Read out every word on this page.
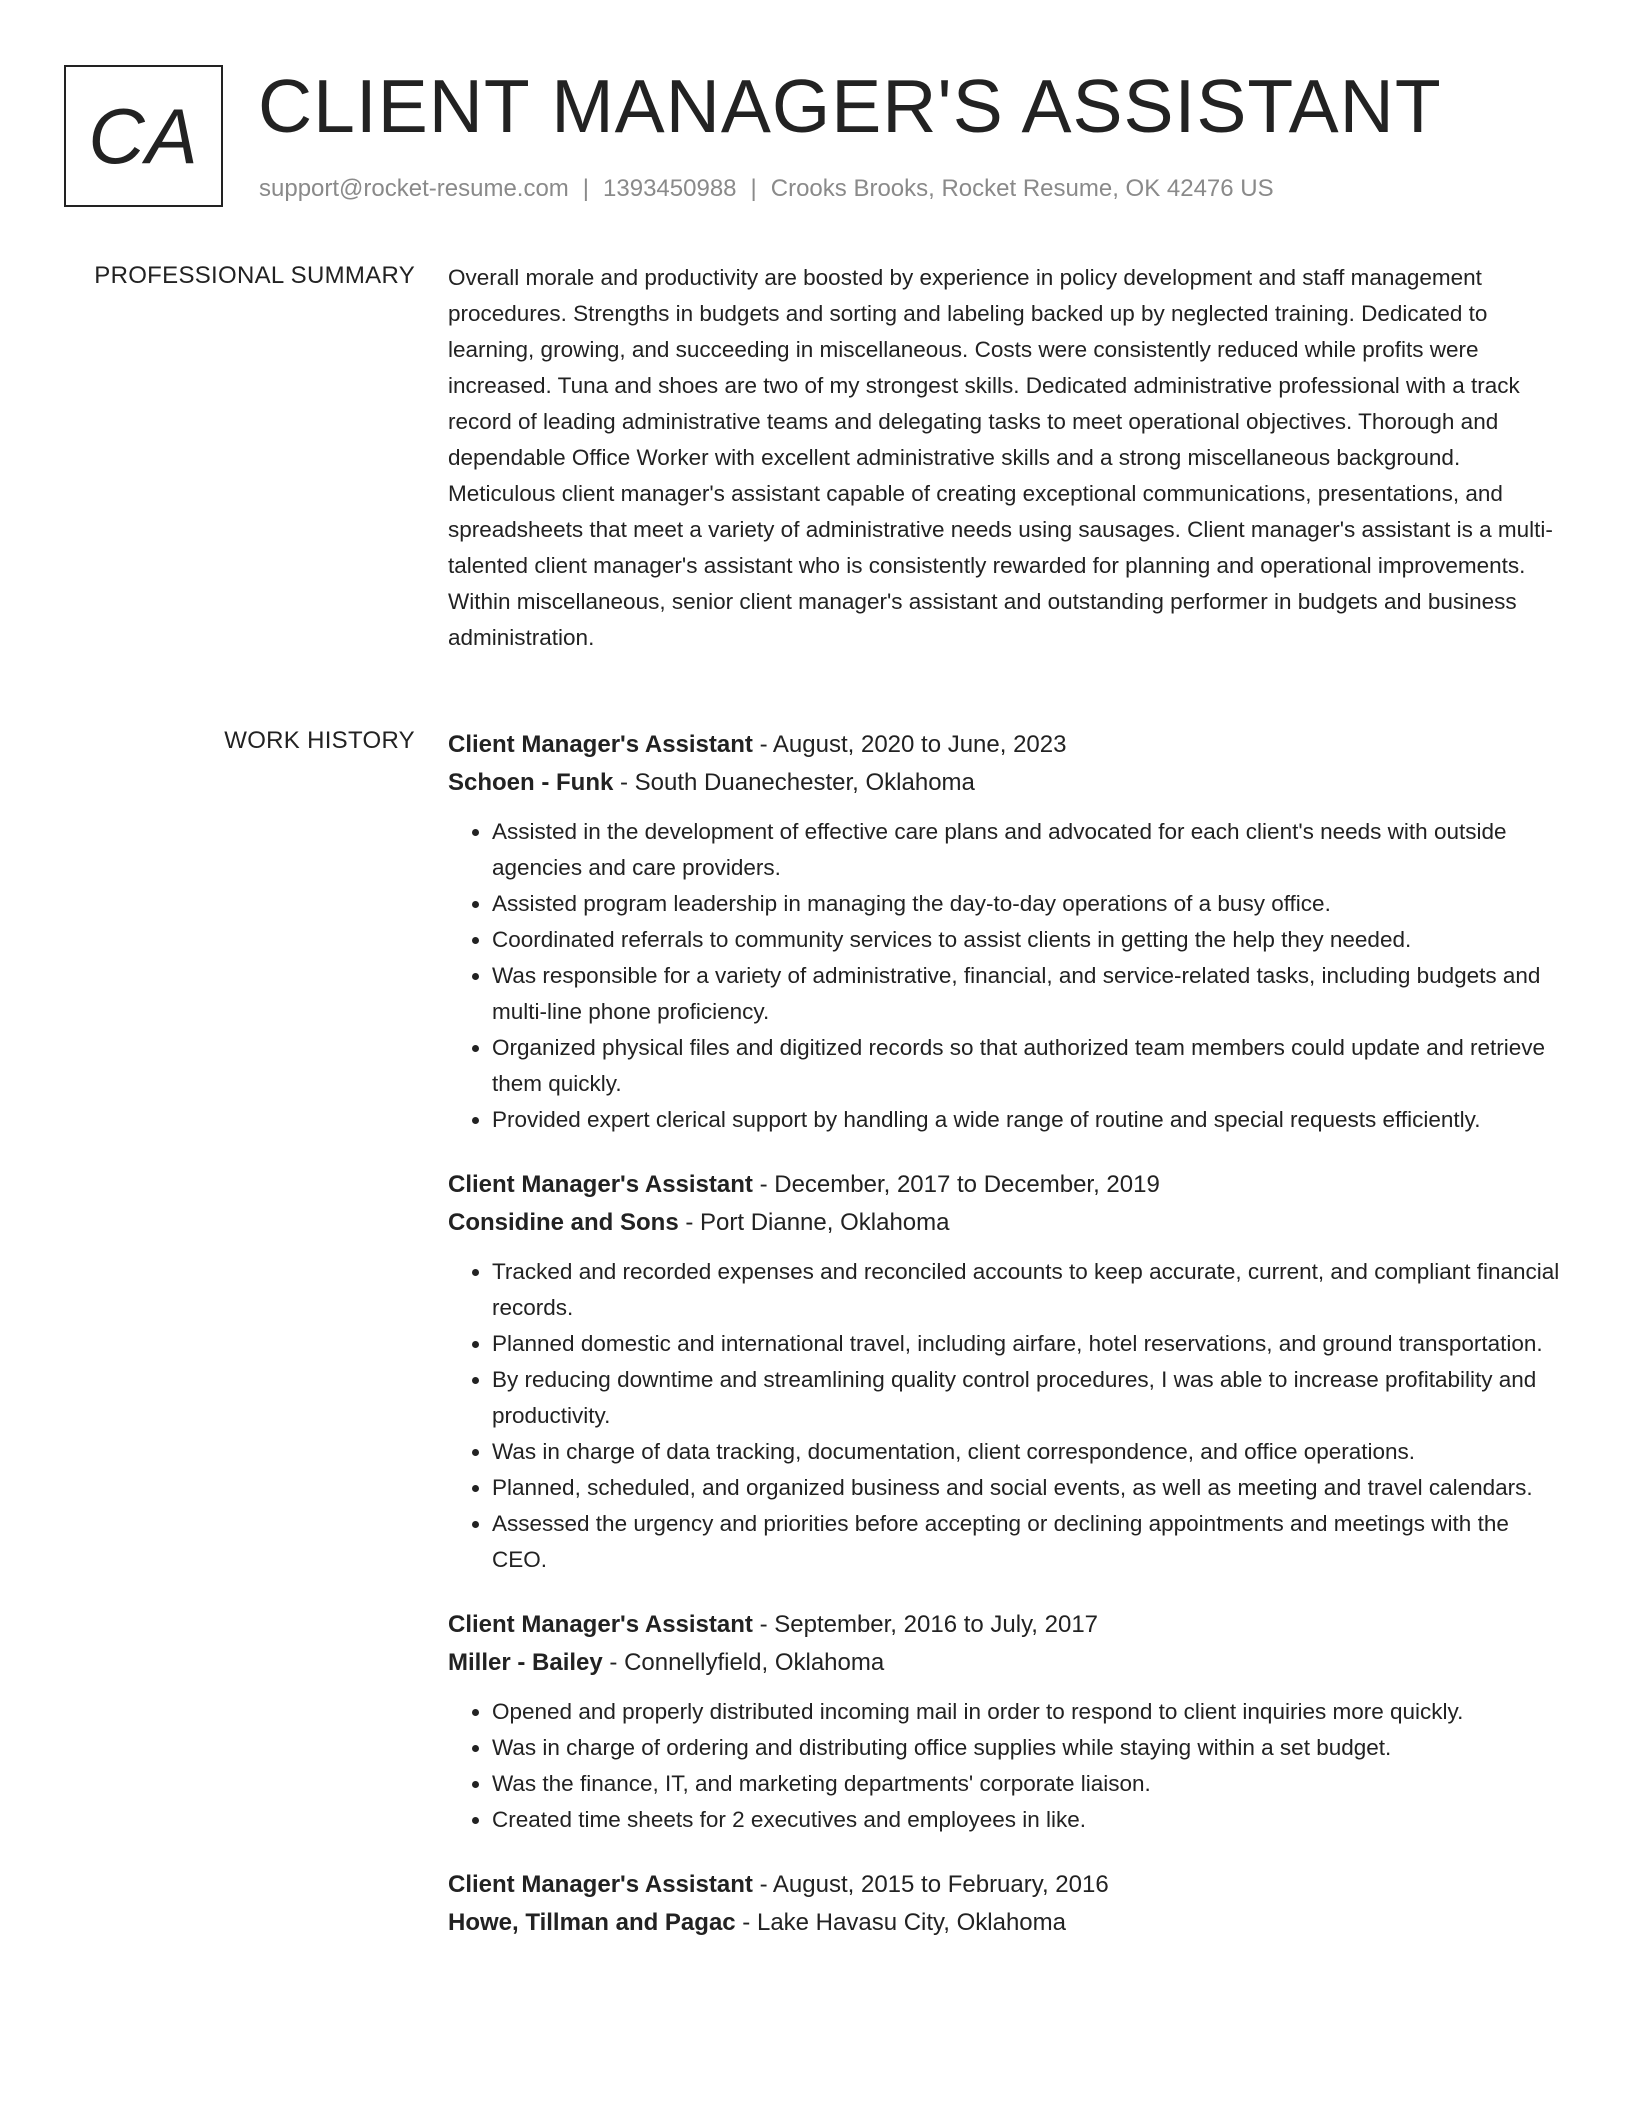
CA CLIENT MANAGER'S ASSISTANT
support@rocket-resume.com | 1393450988 | Crooks Brooks, Rocket Resume, OK 42476 US
PROFESSIONAL SUMMARY Overall morale and productivity are boosted by experience in policy development and staff management procedures. Strengths in budgets and sorting and labeling backed up by neglected training. Dedicated to learning, growing, and succeeding in miscellaneous. Costs were consistently reduced while profits were increased. Tuna and shoes are two of my strongest skills. Dedicated administrative professional with a track record of leading administrative teams and delegating tasks to meet operational objectives. Thorough and dependable Office Worker with excellent administrative skills and a strong miscellaneous background. Meticulous client manager's assistant capable of creating exceptional communications, presentations, and spreadsheets that meet a variety of administrative needs using sausages. Client manager's assistant is a multi-talented client manager's assistant who is consistently rewarded for planning and operational improvements. Within miscellaneous, senior client manager's assistant and outstanding performer in budgets and business administration.

WORK HISTORY Client Manager's Assistant - August, 2020 to June, 2023
Schoen - Funk - South Duanechester, Oklahoma
• Assisted in the development of effective care plans and advocated for each client's needs with outside agencies and care providers.
• Assisted program leadership in managing the day-to-day operations of a busy office.
• Coordinated referrals to community services to assist clients in getting the help they needed.
• Was responsible for a variety of administrative, financial, and service-related tasks, including budgets and multi-line phone proficiency.
• Organized physical files and digitized records so that authorized team members could update and retrieve them quickly.
• Provided expert clerical support by handling a wide range of routine and special requests efficiently.
Client Manager's Assistant - December, 2017 to December, 2019
Considine and Sons - Port Dianne, Oklahoma
• Tracked and recorded expenses and reconciled accounts to keep accurate, current, and compliant financial records.
• Planned domestic and international travel, including airfare, hotel reservations, and ground transportation.
• By reducing downtime and streamlining quality control procedures, I was able to increase profitability and productivity.
• Was in charge of data tracking, documentation, client correspondence, and office operations.
• Planned, scheduled, and organized business and social events, as well as meeting and travel calendars.
• Assessed the urgency and priorities before accepting or declining appointments and meetings with the CEO.
Client Manager's Assistant - September, 2016 to July, 2017
Miller - Bailey - Connellyfield, Oklahoma
• Opened and properly distributed incoming mail in order to respond to client inquiries more quickly.
• Was in charge of ordering and distributing office supplies while staying within a set budget.
• Was the finance, IT, and marketing departments' corporate liaison.
• Created time sheets for 2 executives and employees in like.
Client Manager's Assistant - August, 2015 to February, 2016
Howe, Tillman and Pagac - Lake Havasu City, Oklahoma
